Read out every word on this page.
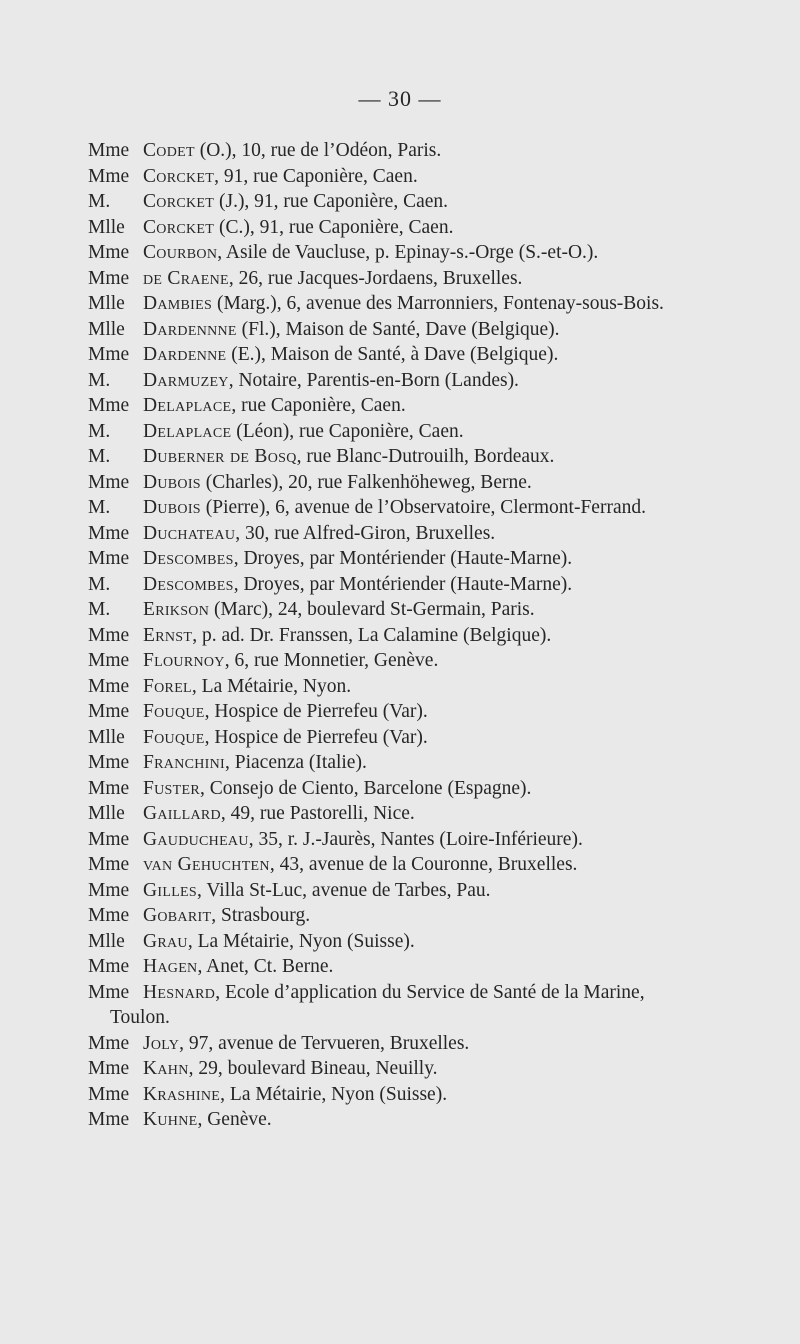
— 30 —
Mme Codet (O.), 10, rue de l’Odéon, Paris.
Mme Corcket, 91, rue Caponière, Caen.
M. Corcket (J.), 91, rue Caponière, Caen.
Mlle Corcket (C.), 91, rue Caponière, Caen.
Mme Courbon, Asile de Vaucluse, p. Epinay-s.-Orge (S.-et-O.).
Mme de Craene, 26, rue Jacques-Jordaens, Bruxelles.
Mlle Dambies (Marg.), 6, avenue des Marronniers, Fontenay-sous-Bois.
Mlle Dardennne (Fl.), Maison de Santé, Dave (Belgique).
Mme Dardenne (E.), Maison de Santé, à Dave (Belgique).
M. Darmuzey, Notaire, Parentis-en-Born (Landes).
Mme Delaplace, rue Caponière, Caen.
M. Delaplace (Léon), rue Caponière, Caen.
M. Duberner de Bosq, rue Blanc-Dutrouilh, Bordeaux.
Mme Dubois (Charles), 20, rue Falkenhöheweg, Berne.
M. Dubois (Pierre), 6, avenue de l’Observatoire, Clermont-Ferrand.
Mme Duchateau, 30, rue Alfred-Giron, Bruxelles.
Mme Descombes, Droyes, par Montériender (Haute-Marne).
M. Descombes, Droyes, par Montériender (Haute-Marne).
M. Erikson (Marc), 24, boulevard St-Germain, Paris.
Mme Ernst, p. ad. Dr. Franssen, La Calamine (Belgique).
Mme Flournoy, 6, rue Monnetier, Genève.
Mme Forel, La Métairie, Nyon.
Mme Fouque, Hospice de Pierrefeu (Var).
Mlle Fouque, Hospice de Pierrefeu (Var).
Mme Franchini, Piacenza (Italie).
Mme Fuster, Consejo de Ciento, Barcelone (Espagne).
Mlle Gaillard, 49, rue Pastorelli, Nice.
Mme Gauducheau, 35, r. J.-Jaurès, Nantes (Loire-Inférieure).
Mme van Gehuchten, 43, avenue de la Couronne, Bruxelles.
Mme Gilles, Villa St-Luc, avenue de Tarbes, Pau.
Mme Gobarit, Strasbourg.
Mlle Grau, La Métairie, Nyon (Suisse).
Mme Hagen, Anet, Ct. Berne.
Mme Hesnard, Ecole d’application du Service de Santé de la Marine, Toulon.
Mme Joly, 97, avenue de Tervueren, Bruxelles.
Mme Kahn, 29, boulevard Bineau, Neuilly.
Mme Krashine, La Métairie, Nyon (Suisse).
Mme Kuhne, Genève.
